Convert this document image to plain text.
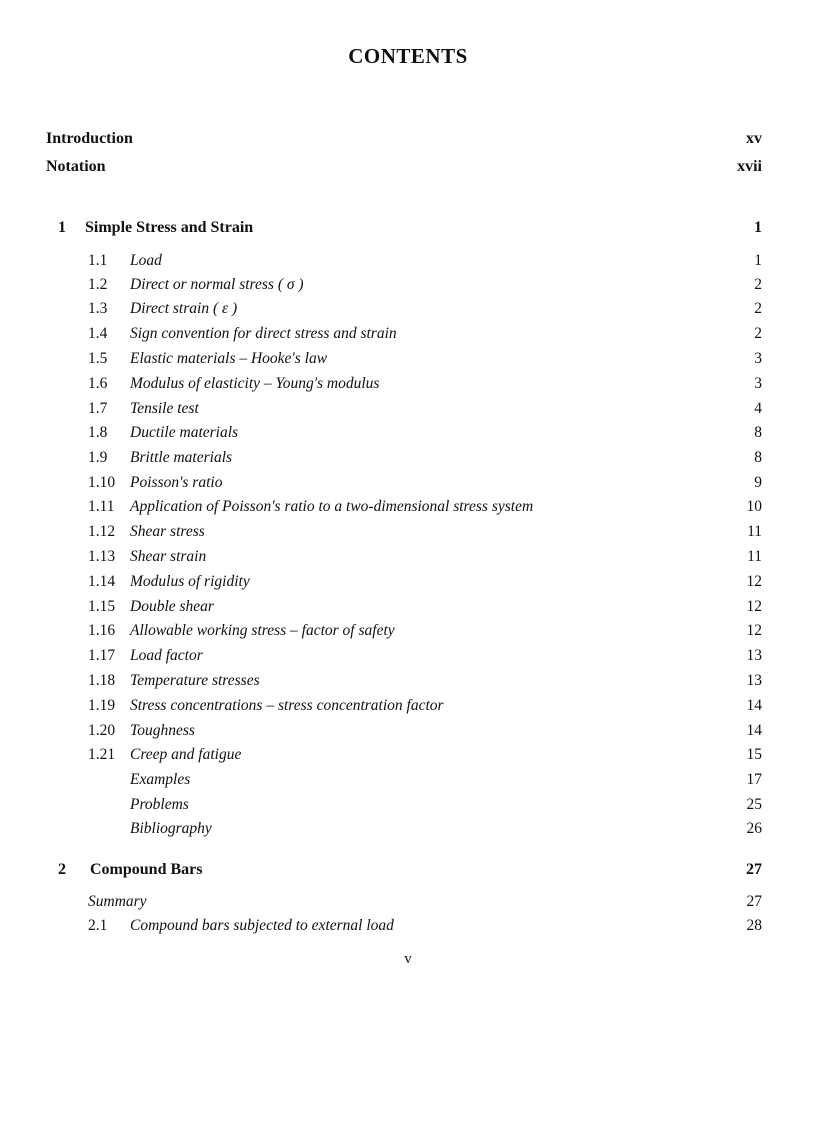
CONTENTS
Introduction	xv
Notation	xvii
1 Simple Stress and Strain	1
1.1 Load	1
1.2 Direct or normal stress ( σ )	2
1.3 Direct strain ( ε )	2
1.4 Sign convention for direct stress and strain	2
1.5 Elastic materials – Hooke's law	3
1.6 Modulus of elasticity – Young's modulus	3
1.7 Tensile test	4
1.8 Ductile materials	8
1.9 Brittle materials	8
1.10 Poisson's ratio	9
1.11 Application of Poisson's ratio to a two-dimensional stress system	10
1.12 Shear stress	11
1.13 Shear strain	11
1.14 Modulus of rigidity	12
1.15 Double shear	12
1.16 Allowable working stress – factor of safety	12
1.17 Load factor	13
1.18 Temperature stresses	13
1.19 Stress concentrations – stress concentration factor	14
1.20 Toughness	14
1.21 Creep and fatigue	15
Examples	17
Problems	25
Bibliography	26
2 Compound Bars	27
Summary	27
2.1 Compound bars subjected to external load	28
v
